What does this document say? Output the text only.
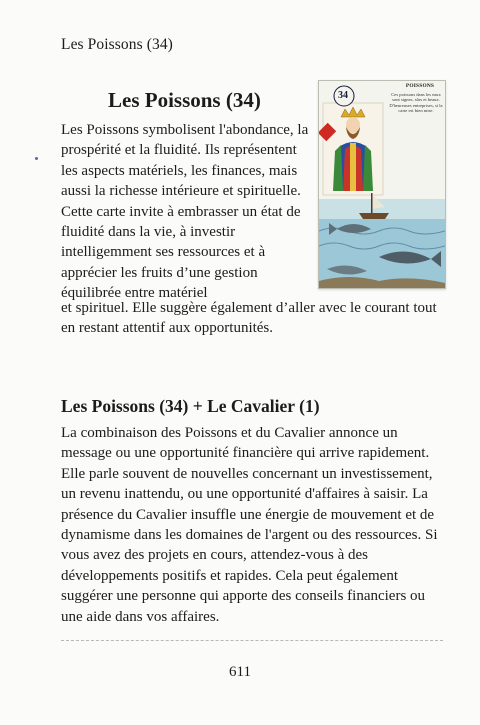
Les Poissons (34)
Les Poissons (34)
Les Poissons symbolisent l'abondance, la prospérité et la fluidité. Ils représentent les aspects matériels, les finances, mais aussi la richesse intérieure et spirituelle. Cette carte invite à embrasser un état de fluidité dans la vie, à investir intelligemment ses ressources et à apprécier les fruits d’une gestion équilibrée entre matériel
et spirituel. Elle suggère également d’aller avec le courant tout en restant attentif aux opportunités.
34
POISSONS
Ces poissons dans les eaux sont signes, sûrs et beaux. D'heureuses entreprises, si la carte est bien mise.
Les Poissons (34) + Le Cavalier (1)
La combinaison des Poissons et du Cavalier annonce un message ou une opportunité financière qui arrive rapidement. Elle parle souvent de nouvelles concernant un investissement, un revenu inattendu, ou une opportunité d'affaires à saisir. La présence du Cavalier insuffle une énergie de mouvement et de dynamisme dans les domaines de l'argent ou des ressources. Si vous avez des projets en cours, attendez-vous à des développements positifs et rapides. Cela peut également suggérer une personne qui apporte des conseils financiers ou une aide dans vos affaires.
611
